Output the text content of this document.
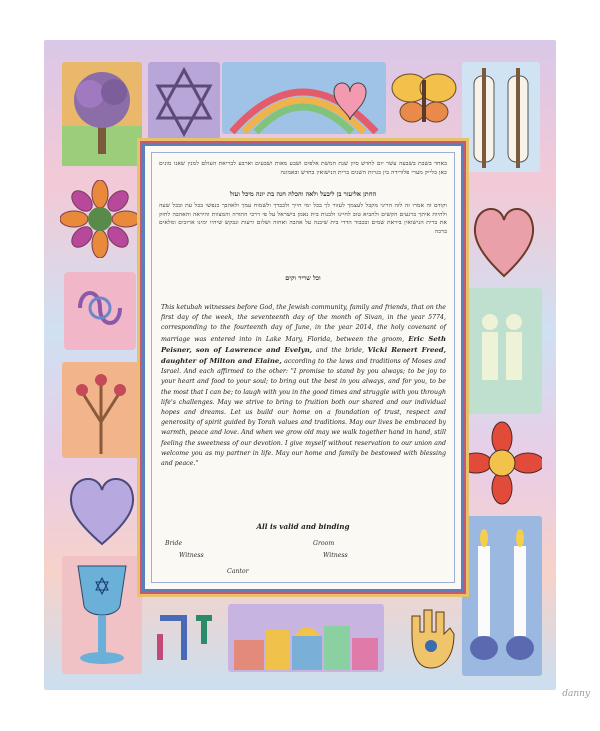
באחד בשבת בשבעה עשר יום לחדש סיון שנת חמשת אלפים ושבע מאות ושבעים וארבע לבריאת העולם למנין שאנו מונים כאן בלייק מערי פלורידה בין בגרות השנים ברית הנישואין בחדש ובאמונה
החתן אליעזר בן ליבעל ולאה והכלה חגה בת יונה מיכל ועזל
וקודם זה אמרו זה לזה הריני מקבל לעצמך לעזור לך בכל ימי חייך ולכבדך ולשמוח עמך ולאהבך כנפשי בכל עת ובכל שעה ולהיות איתך ברגעים הקשים ולהביא טוב לחיינו ולבנות בית נאמן בישראל על פי דרכי התורה והמצוות והיראה והאהבה לחזק את ברית הנישואין ביראת שמים ובכבוד הדדי בית שיבנה על אהבה ואחוה ושלום ורעות ונבקש שיהיו ימינו ארוכים ומלאים ברכה
וכל שריר וקים
This ketubah witnesses before God, the Jewish community, family and friends, that on the first day of the week, the seventeenth day of the month of Sivan, in the year 5774, corresponding to the fourteenth day of June, in the year 2014, the holy covenant of marriage was entered into in Lake Mary, Florida, between the groom, Eric Seth Peisner, son of Lawrence and Evelyn, and the bride, Vicki Renert Freed, daughter of Milton and Elaine, according to the laws and traditions of Moses and Israel. And each affirmed to the other: "I promise to stand by you always; to be joy to your heart and food to your soul; to bring out the best in you always, and for you, to be the most that I can be; to laugh with you in the good times and struggle with you through life's challenges. May we strive to bring to fruition both our shared and our individual hopes and dreams. Let us build our home on a foundation of trust, respect and generosity of spirit guided by Torah values and traditions. May our lives be embraced by warmth, peace and love. And when we grow old may we walk together hand in hand, still feeling the sweetness of our devotion. I give myself without reservation to our union and welcome you as my partner in life. May our home and family be bestowed with blessing and peace."
All is valid and binding
Bride	Groom
Witness	Witness
Cantor
danny
